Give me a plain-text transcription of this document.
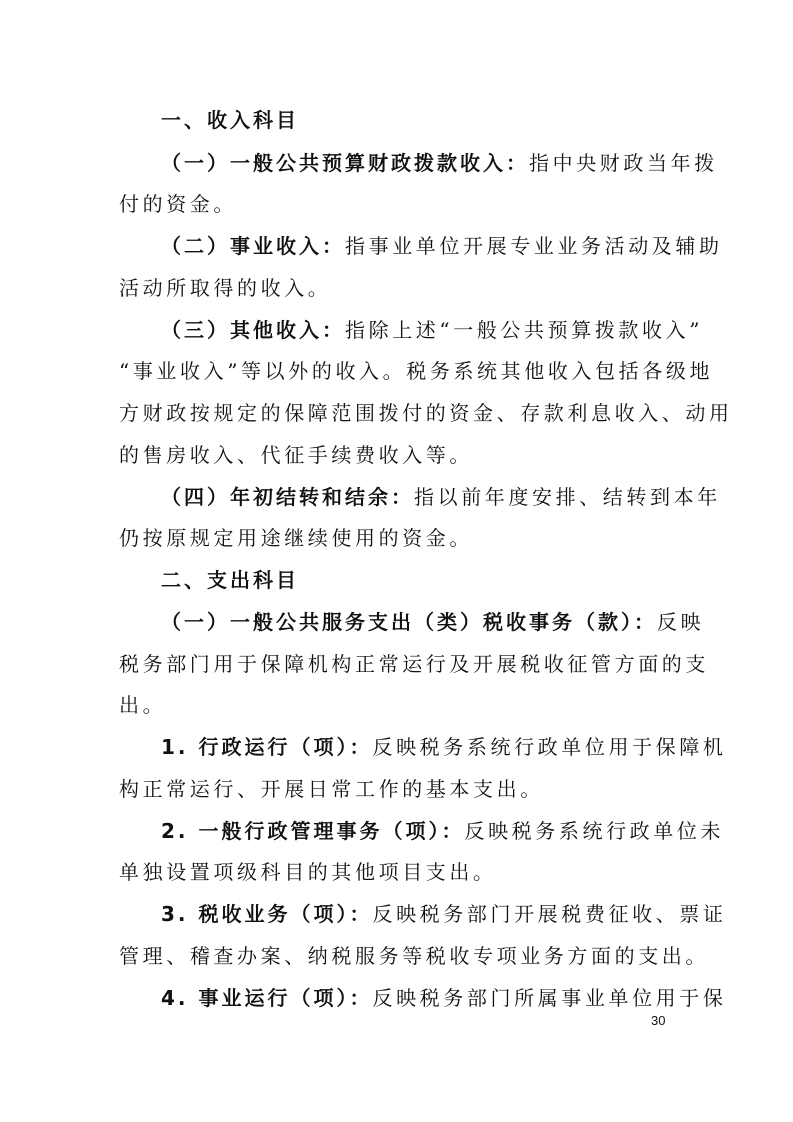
一、收入科目
（一）一般公共预算财政拨款收入：指中央财政当年拨
付的资金。
（二）事业收入：指事业单位开展专业业务活动及辅助
活动所取得的收入。
（三）其他收入：指除上述“一般公共预算拨款收入”
“事业收入”等以外的收入。税务系统其他收入包括各级地
方财政按规定的保障范围拨付的资金、存款利息收入、动用
的售房收入、代征手续费收入等。
（四）年初结转和结余：指以前年度安排、结转到本年
仍按原规定用途继续使用的资金。
二、支出科目
（一）一般公共服务支出（类）税收事务（款）：反映
税务部门用于保障机构正常运行及开展税收征管方面的支
出。
1. 行政运行（项）：反映税务系统行政单位用于保障机
构正常运行、开展日常工作的基本支出。
2. 一般行政管理事务（项）：反映税务系统行政单位未
单独设置项级科目的其他项目支出。
3. 税收业务（项）：反映税务部门开展税费征收、票证
管理、稽查办案、纳税服务等税收专项业务方面的支出。
4. 事业运行（项）：反映税务部门所属事业单位用于保
30
